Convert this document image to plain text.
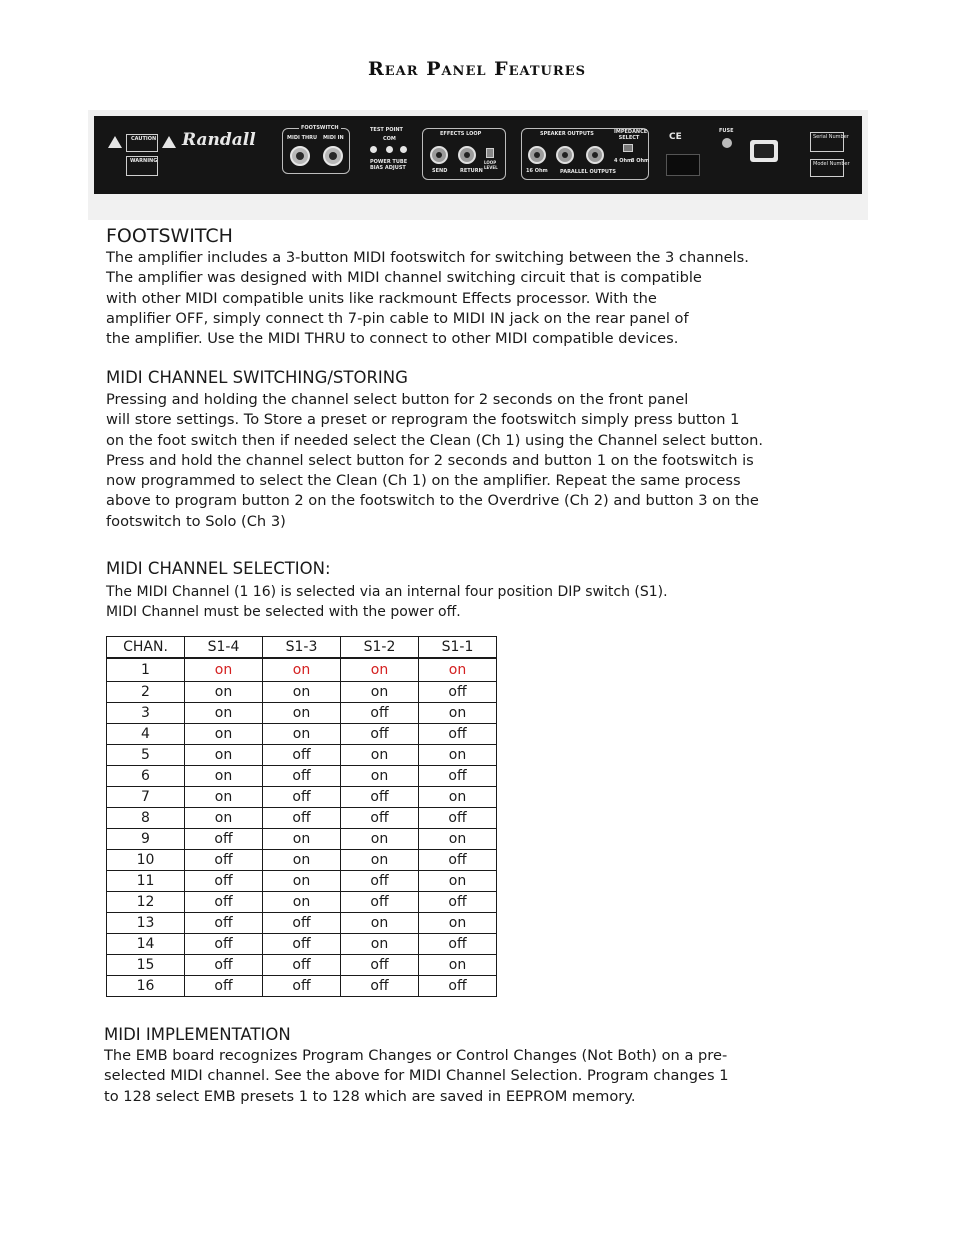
Rear Panel Features
CAUTION
WARNING
Randall
FOOTSWITCH
MIDI THRU MIDI IN
TEST POINT
COM
POWER TUBE BIAS ADJUST
EFFECTS LOOP
SEND	RETURN
LOOP LEVEL
SPEAKER OUTPUTS	IMPEDANCE SELECT
16 Ohm PARALLEL OUTPUTS
4 Ohm
8 Ohm
CE
FUSE
Serial Number
Model Number
FOOTSWITCH

The amplifier includes a 3-button MIDI footswitch for switching between the 3 channels.
The amplifier was designed with MIDI channel switching circuit that is compatible
with other MIDI compatible units like rackmount Effects processor. With the
amplifier OFF, simply connect th 7-pin cable to MIDI IN jack on the rear panel of
the amplifier. Use the MIDI THRU to connect to other MIDI compatible devices.

MIDI CHANNEL SWITCHING/STORING

Pressing and holding the channel select button for 2 seconds on the front panel
will store settings. To Store a preset or reprogram the footswitch simply press button 1
on the foot switch then if needed select the Clean (Ch 1) using the Channel select button.
Press and hold the channel select button for 2 seconds and button 1 on the footswitch is
now programmed to select the Clean (Ch 1) on the amplifier. Repeat the same process
above to program button 2 on the footswitch to the Overdrive (Ch 2) and button 3 on the
footswitch to Solo (Ch 3)

MIDI CHANNEL SELECTION:

The MIDI Channel (1 16) is selected via an internal four position DIP switch (S1).
MIDI Channel must be selected with the power off.

CHAN.	S1-4	S1-3	S1-2	S1-1
1	on	on	on	on
2	on	on	on	off
3	on	on	off	on
4	on	on	off	off
5	on	off	on	on
6	on	off	on	off
7	on	off	off	on
8	on	off	off	off
9	off	on	on	on
10	off	on	on	off
11	off	on	off	on
12	off	on	off	off
13	off	off	on	on
14	off	off	on	off
15	off	off	off	on
16	off	off	off	off
MIDI IMPLEMENTATION

The EMB board recognizes Program Changes or Control Changes (Not Both) on a pre-
selected MIDI channel. See the above for MIDI Channel Selection. Program changes 1
to 128 select EMB presets 1 to 128 which are saved in EEPROM memory.
